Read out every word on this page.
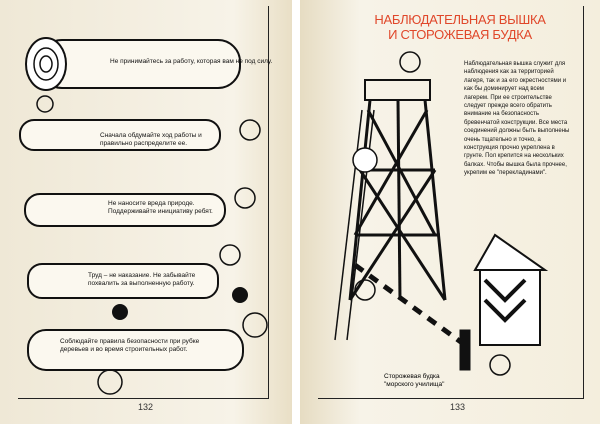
Не принимайтесь за работу, которая вам не под силу.
Сначала обдумайте ход работы и правильно распределите ее.
Не наносите вреда природе. Поддерживайте инициативу ребят.
Труд – не наказание. Не забывайте похвалить за выполненную работу.
Соблюдайте правила безопасности при рубке деревьев и во время строительных работ.
132
НАБЛЮДАТЕЛЬНАЯ ВЫШКА
И СТОРОЖЕВАЯ БУДКА
Наблюдательная вышка служит для наблюдения как за территорией лагеря, так и за его окрестностями и как бы доминирует над всем лагерем. При ее строительстве следует прежде всего обратить внимание на безопасность бревенчатой конструкции. Все места соединений должны быть выполнены очень тщательно и точно, а конструкция прочно укреплена в грунте. Пол крепится на нескольких балках. Чтобы вышка была прочнее, укрепим ее "перекладинами".
Сторожевая будка
"морского училища"
133
